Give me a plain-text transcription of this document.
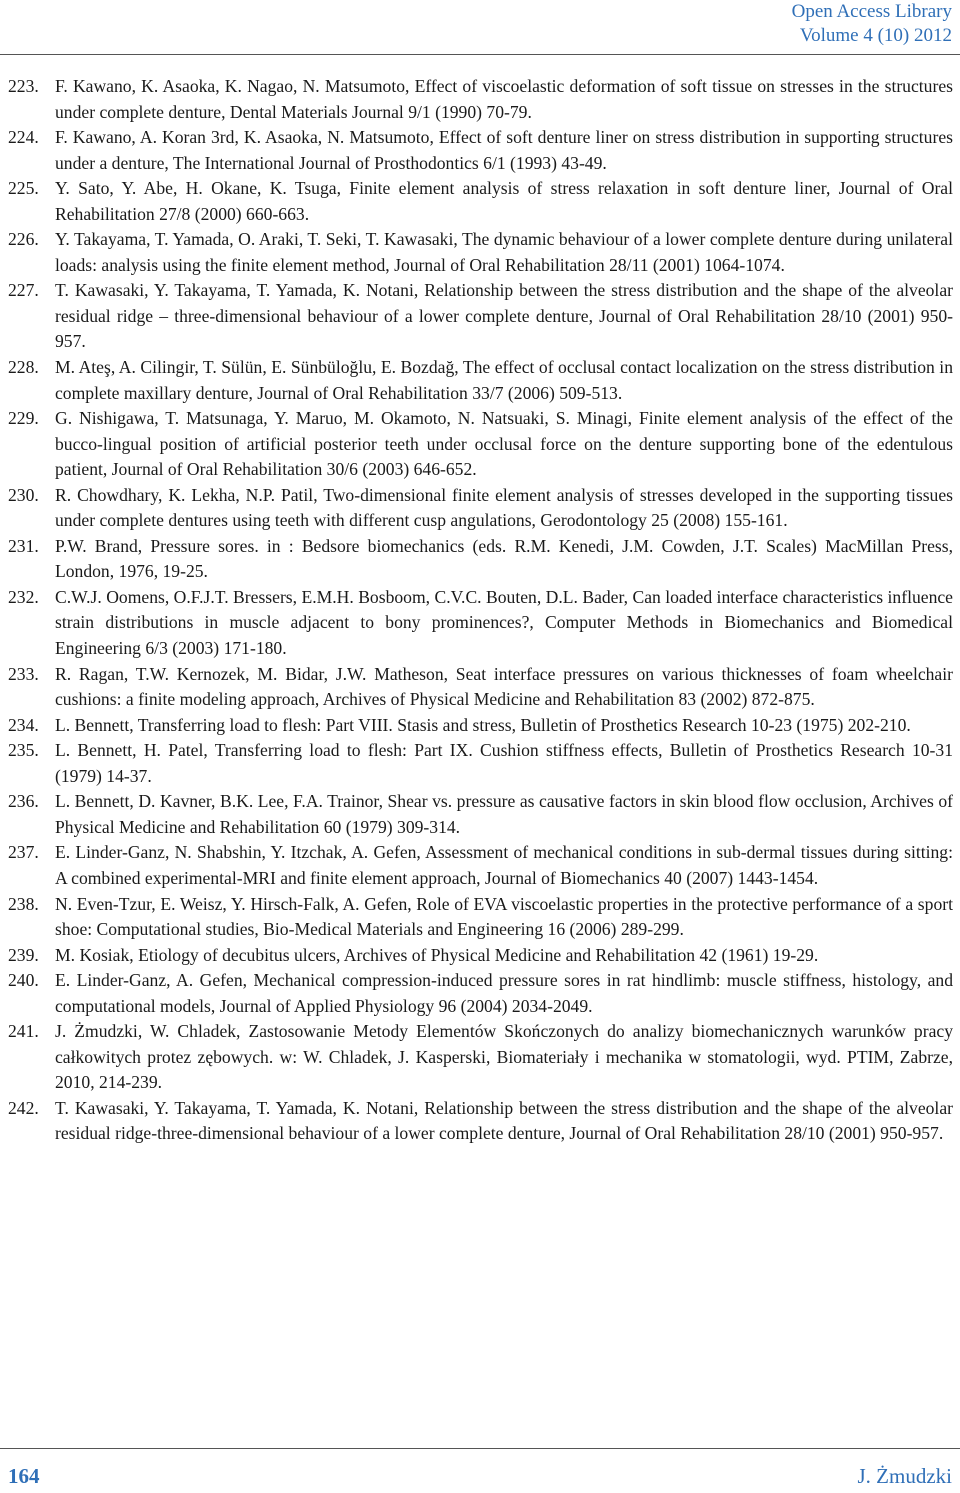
Open Access Library
Volume 4 (10) 2012
223. F. Kawano, K. Asaoka, K. Nagao, N. Matsumoto, Effect of viscoelastic deformation of soft tissue on stresses in the structures under complete denture, Dental Materials Journal 9/1 (1990) 70-79.
224. F. Kawano, A. Koran 3rd, K. Asaoka, N. Matsumoto, Effect of soft denture liner on stress distribution in supporting structures under a denture, The International Journal of Prosthodontics 6/1 (1993) 43-49.
225. Y. Sato, Y. Abe, H. Okane, K. Tsuga, Finite element analysis of stress relaxation in soft denture liner, Journal of Oral Rehabilitation 27/8 (2000) 660-663.
226. Y. Takayama, T. Yamada, O. Araki, T. Seki, T. Kawasaki, The dynamic behaviour of a lower complete denture during unilateral loads: analysis using the finite element method, Journal of Oral Rehabilitation 28/11 (2001) 1064-1074.
227. T. Kawasaki, Y. Takayama, T. Yamada, K. Notani, Relationship between the stress distribution and the shape of the alveolar residual ridge – three-dimensional behaviour of a lower complete denture, Journal of Oral Rehabilitation 28/10 (2001) 950-957.
228. M. Ateş, A. Cilingir, T. Sülün, E. Sünbüloğlu, E. Bozdağ, The effect of occlusal contact localization on the stress distribution in complete maxillary denture, Journal of Oral Rehabilitation 33/7 (2006) 509-513.
229. G. Nishigawa, T. Matsunaga, Y. Maruo, M. Okamoto, N. Natsuaki, S. Minagi, Finite element analysis of the effect of the bucco-lingual position of artificial posterior teeth under occlusal force on the denture supporting bone of the edentulous patient, Journal of Oral Rehabilitation 30/6 (2003) 646-652.
230. R. Chowdhary, K. Lekha, N.P. Patil, Two-dimensional finite element analysis of stresses developed in the supporting tissues under complete dentures using teeth with different cusp angulations, Gerodontology 25 (2008) 155-161.
231. P.W. Brand, Pressure sores. in : Bedsore biomechanics (eds. R.M. Kenedi, J.M. Cowden, J.T. Scales) MacMillan Press, London, 1976, 19-25.
232. C.W.J. Oomens, O.F.J.T. Bressers, E.M.H. Bosboom, C.V.C. Bouten, D.L. Bader, Can loaded interface characteristics influence strain distributions in muscle adjacent to bony prominences?, Computer Methods in Biomechanics and Biomedical Engineering 6/3 (2003) 171-180.
233. R. Ragan, T.W. Kernozek, M. Bidar, J.W. Matheson, Seat interface pressures on various thicknesses of foam wheelchair cushions: a finite modeling approach, Archives of Physical Medicine and Rehabilitation 83 (2002) 872-875.
234. L. Bennett, Transferring load to flesh: Part VIII. Stasis and stress, Bulletin of Prosthetics Research 10-23 (1975) 202-210.
235. L. Bennett, H. Patel, Transferring load to flesh: Part IX. Cushion stiffness effects, Bulletin of Prosthetics Research 10-31 (1979) 14-37.
236. L. Bennett, D. Kavner, B.K. Lee, F.A. Trainor, Shear vs. pressure as causative factors in skin blood flow occlusion, Archives of Physical Medicine and Rehabilitation 60 (1979) 309-314.
237. E. Linder-Ganz, N. Shabshin, Y. Itzchak, A. Gefen, Assessment of mechanical conditions in sub-dermal tissues during sitting: A combined experimental-MRI and finite element approach, Journal of Biomechanics 40 (2007) 1443-1454.
238. N. Even-Tzur, E. Weisz, Y. Hirsch-Falk, A. Gefen, Role of EVA viscoelastic properties in the protective performance of a sport shoe: Computational studies, Bio-Medical Materials and Engineering 16 (2006) 289-299.
239. M. Kosiak, Etiology of decubitus ulcers, Archives of Physical Medicine and Rehabilitation 42 (1961) 19-29.
240. E. Linder-Ganz, A. Gefen, Mechanical compression-induced pressure sores in rat hindlimb: muscle stiffness, histology, and computational models, Journal of Applied Physiology 96 (2004) 2034-2049.
241. J. Żmudzki, W. Chladek, Zastosowanie Metody Elementów Skończonych do analizy biomechanicznych warunków pracy całkowitych protez zębowych. w: W. Chladek, J. Kasperski, Biomateriały i mechanika w stomatologii, wyd. PTIM, Zabrze, 2010, 214-239.
242. T. Kawasaki, Y. Takayama, T. Yamada, K. Notani, Relationship between the stress distribution and the shape of the alveolar residual ridge-three-dimensional behaviour of a lower complete denture, Journal of Oral Rehabilitation 28/10 (2001) 950-957.
164	J. Żmudzki
